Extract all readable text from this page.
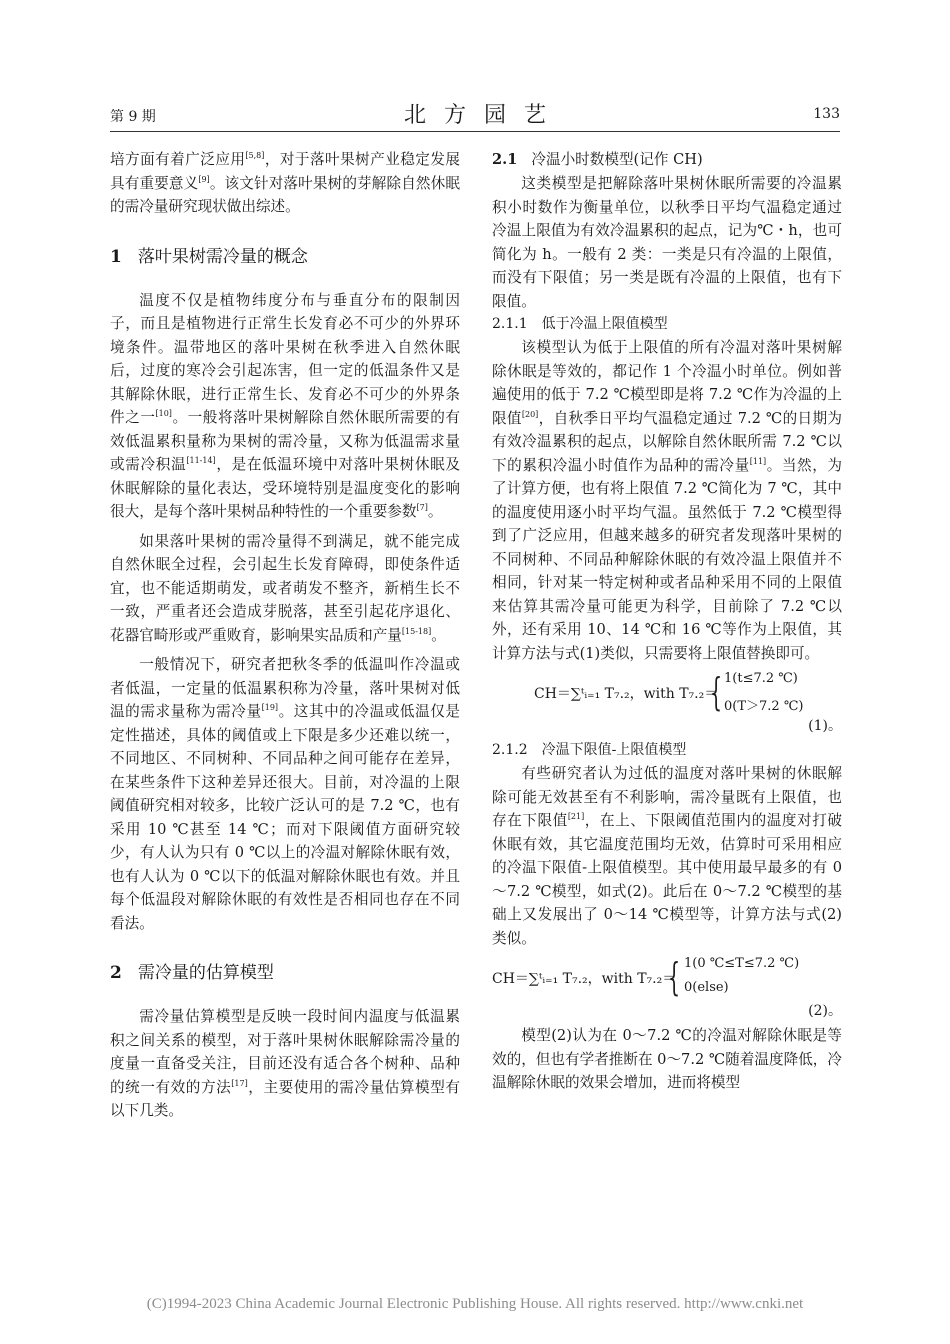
第 9 期	北方园艺	133

培方面有着广泛应用[5,8]，对于落叶果树产业稳定发展具有重要意义[9]。该文针对落叶果树的芽解除自然休眠的需冷量研究现状做出综述。

1 落叶果树需冷量的概念

温度不仅是植物纬度分布与垂直分布的限制因子，而且是植物进行正常生长发育必不可少的外界环境条件。温带地区的落叶果树在秋季进入自然休眠后，过度的寒冷会引起冻害，但一定的低温条件又是其解除休眠，进行正常生长、发育必不可少的外界条件之一[10]。一般将落叶果树解除自然休眠所需要的有效低温累积量称为果树的需冷量，又称为低温需求量或需冷积温[11-14]，是在低温环境中对落叶果树休眠及休眠解除的量化表达，受环境特别是温度变化的影响很大，是每个落叶果树品种特性的一个重要参数[7]。

如果落叶果树的需冷量得不到满足，就不能完成自然休眠全过程，会引起生长发育障碍，即使条件适宜，也不能适期萌发，或者萌发不整齐，新梢生长不一致，严重者还会造成芽脱落，甚至引起花序退化、花器官畸形或严重败育，影响果实品质和产量[15-18]。

一般情况下，研究者把秋冬季的低温叫作冷温或者低温，一定量的低温累积称为冷量，落叶果树对低温的需求量称为需冷量[19]。这其中的冷温或低温仅是定性描述，具体的阈值或上下限是多少还难以统一，不同地区、不同树种、不同品种之间可能存在差异，在某些条件下这种差异还很大。目前，对冷温的上限阈值研究相对较多，比较广泛认可的是 7.2 ℃，也有采用 10 ℃甚至 14 ℃；而对下限阈值方面研究较少，有人认为只有 0 ℃以上的冷温对解除休眠有效，也有人认为 0 ℃以下的低温对解除休眠也有效。并且每个低温段对解除休眠的有效性是否相同也存在不同看法。

2 需冷量的估算模型

需冷量估算模型是反映一段时间内温度与低温累积之间关系的模型，对于落叶果树休眠解除需冷量的度量一直备受关注，目前还没有适合各个树种、品种的统一有效的方法[17]，主要使用的需冷量估算模型有以下几类。

2.1 冷温小时数模型(记作 CH)

这类模型是把解除落叶果树休眠所需要的冷温累积小时数作为衡量单位，以秋季日平均气温稳定通过冷温上限值为有效冷温累积的起点，记为℃・h，也可简化为 h。一般有 2 类：一类是只有冷温的上限值，而没有下限值；另一类是既有冷温的上限值，也有下限值。

2.1.1 低于冷温上限值模型

该模型认为低于上限值的所有冷温对落叶果树解除休眠是等效的，都记作 1 个冷温小时单位。例如普遍使用的低于 7.2 ℃模型即是将 7.2 ℃作为冷温的上限值[20]，自秋季日平均气温稳定通过 7.2 ℃的日期为有效冷温累积的起点，以解除自然休眠所需 7.2 ℃以下的累积冷温小时值作为品种的需冷量[11]。当然，为了计算方便，也有将上限值 7.2 ℃简化为 7 ℃，其中的温度使用逐小时平均气温。虽然低于 7.2 ℃模型得到了广泛应用，但越来越多的研究者发现落叶果树的不同树种、不同品种解除休眠的有效冷温上限值并不相同，针对某一特定树种或者品种采用不同的上限值来估算其需冷量可能更为科学，目前除了 7.2 ℃以外，还有采用 10、14 ℃和 16 ℃等作为上限值，其计算方法与式(1)类似，只需要将上限值替换即可。

CH＝∑ᵗᵢ₌₁ T₇.₂，with T₇.₂＝
{ 1(t≤7.2 ℃)
0(T＞7.2 ℃)
(1)。
2.1.2 冷温下限值-上限值模型

有些研究者认为过低的温度对落叶果树的休眠解除可能无效甚至有不利影响，需冷量既有上限值，也存在下限值[21]，在上、下限阈值范围内的温度对打破休眠有效，其它温度范围均无效，估算时可采用相应的冷温下限值-上限值模型。其中使用最早最多的有 0～7.2 ℃模型，如式(2)。此后在 0～7.2 ℃模型的基础上又发展出了 0～14 ℃模型等，计算方法与式(2)类似。

CH＝∑ᵗᵢ₌₁ T₇.₂，with T₇.₂＝
{ 1(0 ℃≤T≤7.2 ℃)
0(else)
(2)。

模型(2)认为在 0～7.2 ℃的冷温对解除休眠是等效的，但也有学者推断在 0～7.2 ℃随着温度降低，冷温解除休眠的效果会增加，进而将模型

(C)1994-2023 China Academic Journal Electronic Publishing House. All rights reserved. http://www.cnki.net
